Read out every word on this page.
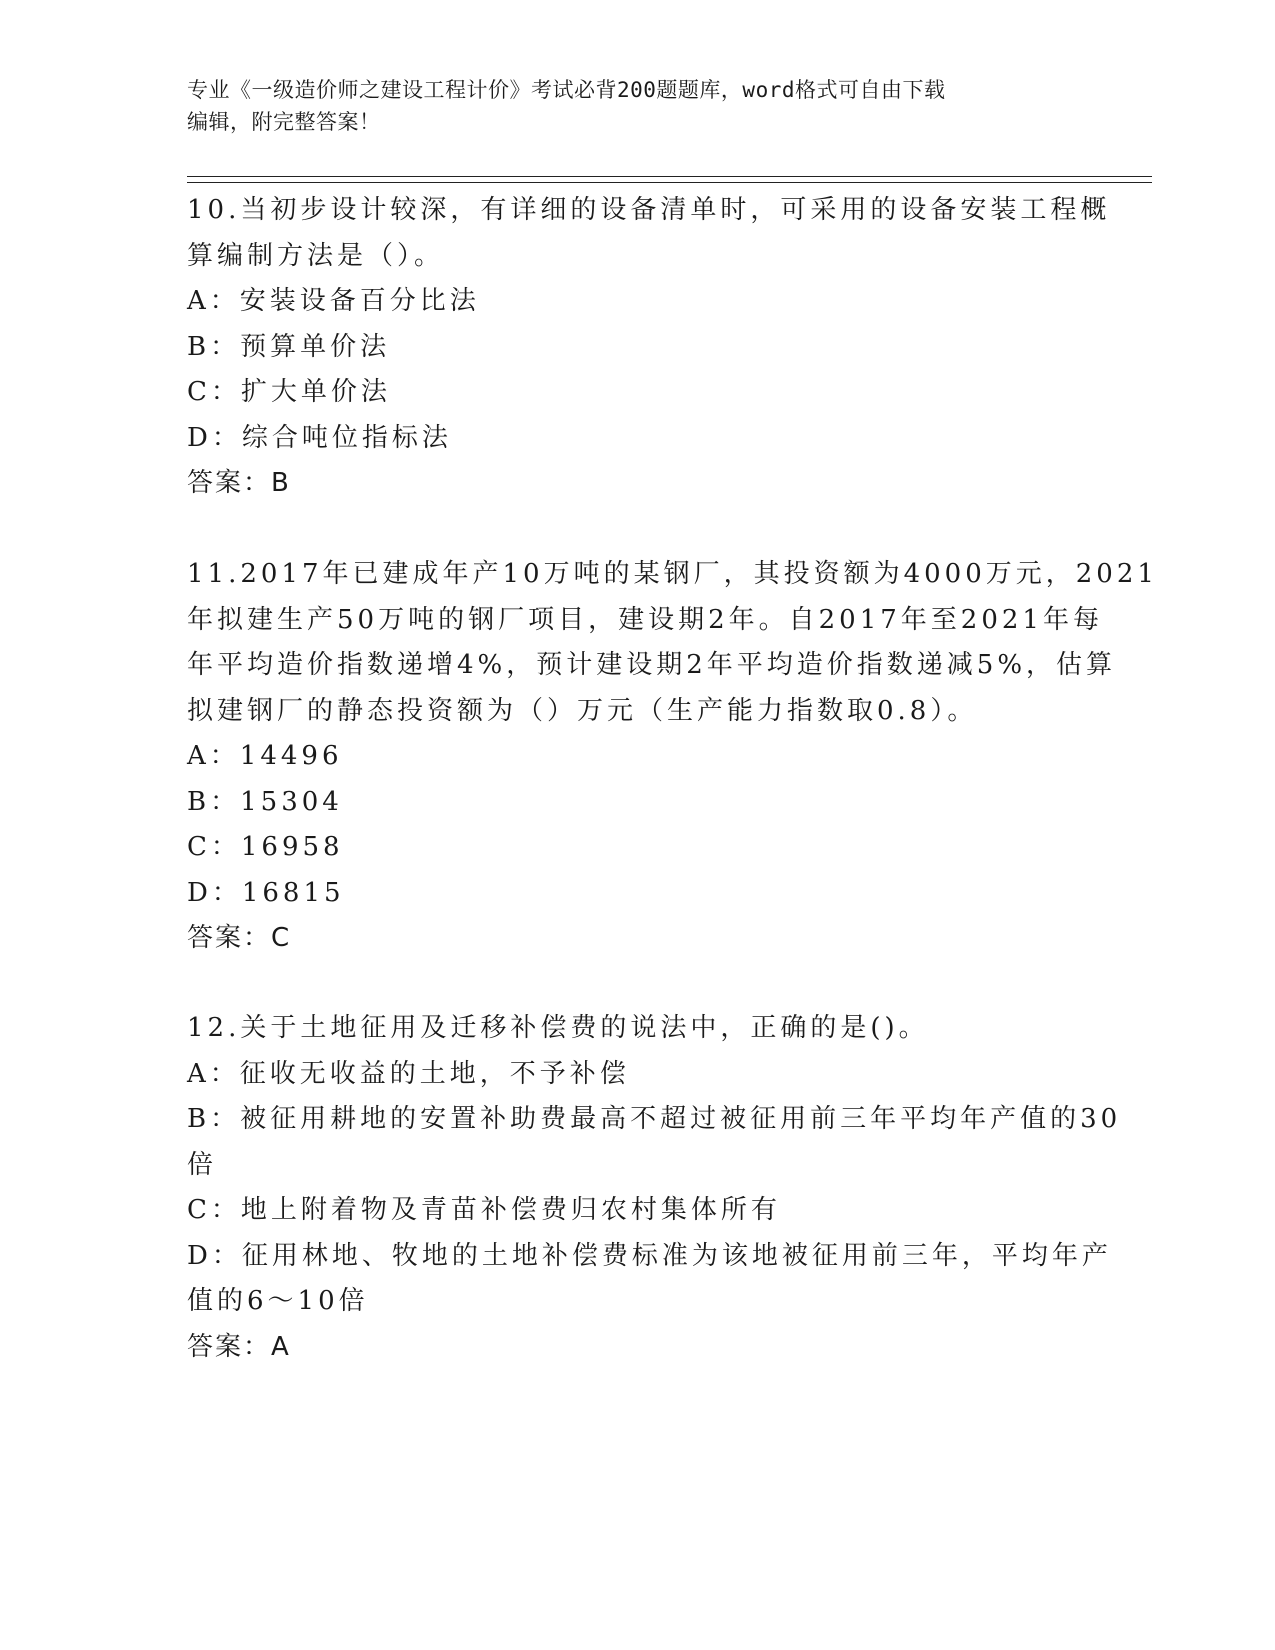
专业《一级造价师之建设工程计价》考试必背200题题库，word格式可自由下载
编辑，附完整答案！
10.当初步设计较深，有详细的设备清单时，可采用的设备安装工程概
算编制方法是（）。
A：安装设备百分比法
B：预算单价法
C：扩大单价法
D：综合吨位指标法
答案：B
11.2017年已建成年产10万吨的某钢厂，其投资额为4000万元，2021
年拟建生产50万吨的钢厂项目，建设期2年。自2017年至2021年每
年平均造价指数递增4%，预计建设期2年平均造价指数递减5%，估算
拟建钢厂的静态投资额为（）万元（生产能力指数取0.8）。
A：14496
B：15304
C：16958
D：16815
答案：C
12.关于土地征用及迁移补偿费的说法中，正确的是()。
A：征收无收益的土地，不予补偿
B：被征用耕地的安置补助费最高不超过被征用前三年平均年产值的30
倍
C：地上附着物及青苗补偿费归农村集体所有
D：征用林地、牧地的土地补偿费标准为该地被征用前三年，平均年产
值的6～10倍
答案：A
